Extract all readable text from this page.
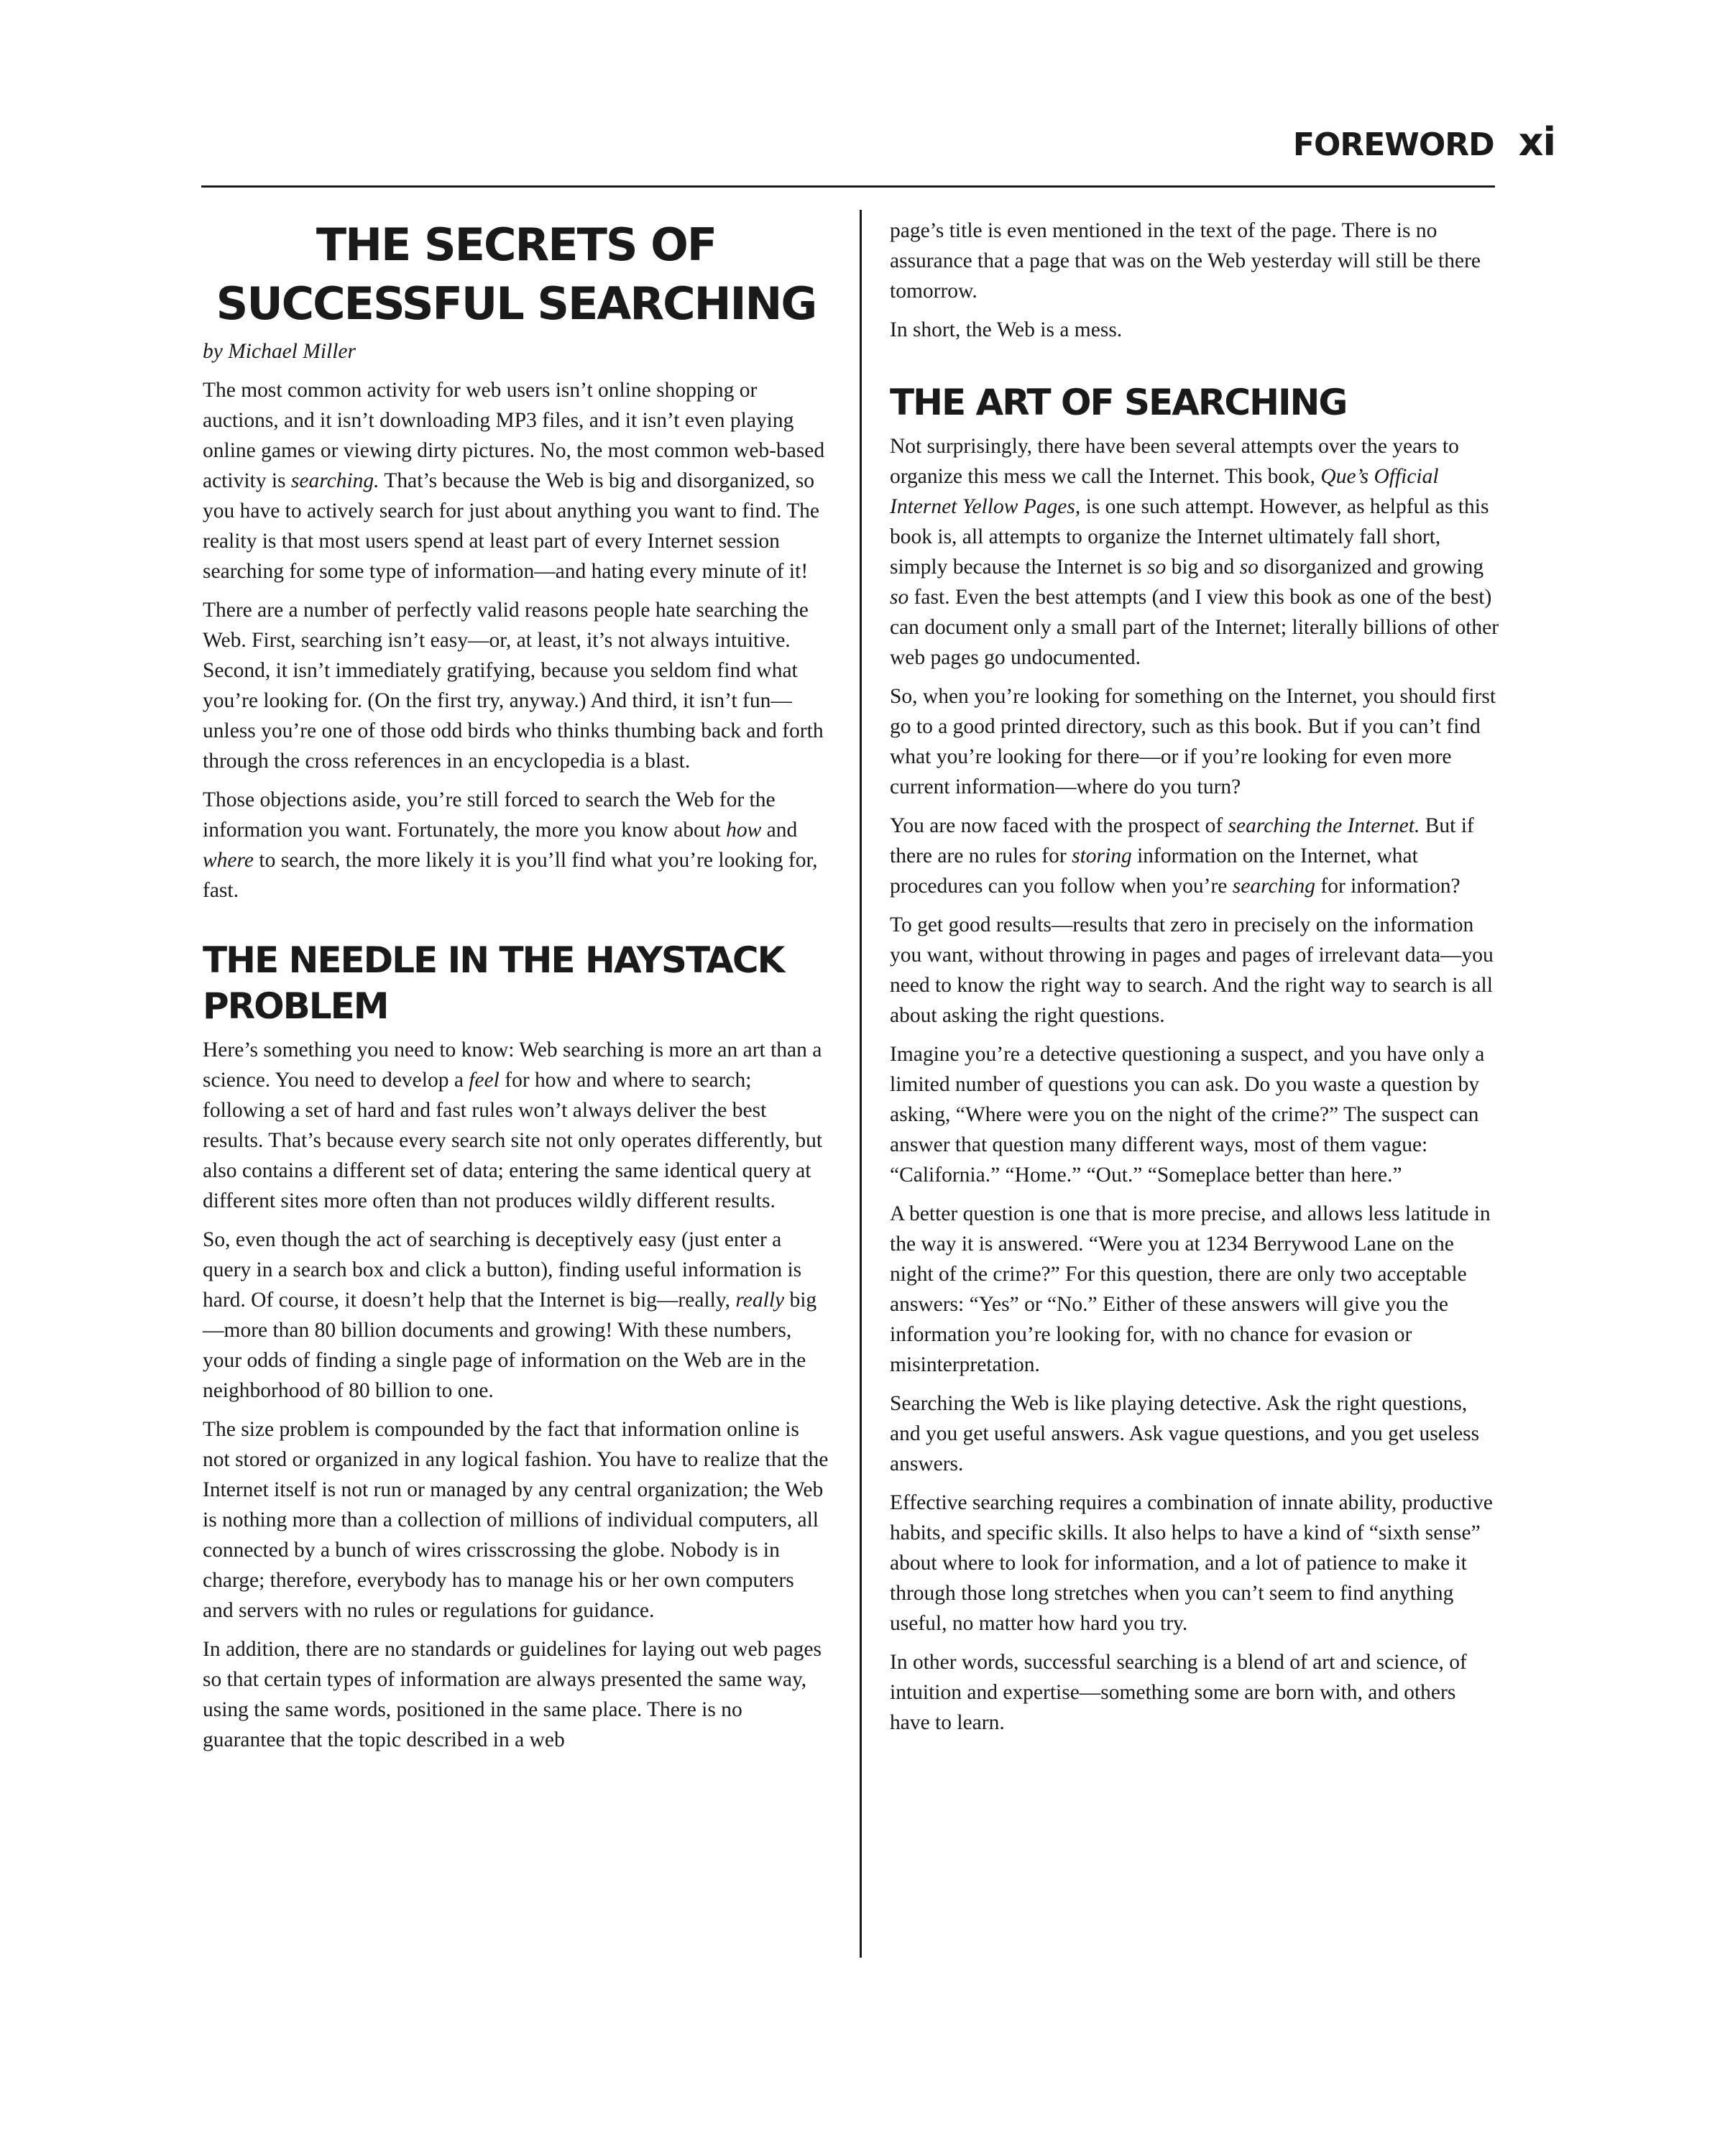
FOREWORD xi
THE SECRETS OF
SUCCESSFUL SEARCHING

by Michael Miller

The most common activity for web users isn’t online shopping or auctions, and it isn’t downloading MP3 files, and it isn’t even playing online games or viewing dirty pictures. No, the most common web-based activity is searching. That’s because the Web is big and disorganized, so you have to actively search for just about anything you want to find. The reality is that most users spend at least part of every Internet session searching for some type of information—and hating every minute of it!

There are a number of perfectly valid reasons people hate searching the Web. First, searching isn’t easy—or, at least, it’s not always intuitive. Second, it isn’t immediately gratifying, because you seldom find what you’re looking for. (On the first try, anyway.) And third, it isn’t fun—unless you’re one of those odd birds who thinks thumbing back and forth through the cross references in an encyclopedia is a blast.

Those objections aside, you’re still forced to search the Web for the information you want. Fortunately, the more you know about how and where to search, the more likely it is you’ll find what you’re looking for, fast.

THE NEEDLE IN THE HAYSTACK PROBLEM

Here’s something you need to know: Web searching is more an art than a science. You need to develop a feel for how and where to search; following a set of hard and fast rules won’t always deliver the best results. That’s because every search site not only operates differently, but also contains a different set of data; entering the same identical query at different sites more often than not produces wildly different results.

So, even though the act of searching is deceptively easy (just enter a query in a search box and click a button), finding useful information is hard. Of course, it doesn’t help that the Internet is big—really, really big—more than 80 billion documents and growing! With these numbers, your odds of finding a single page of information on the Web are in the neighborhood of 80 billion to one.

The size problem is compounded by the fact that information online is not stored or organized in any logical fashion. You have to realize that the Internet itself is not run or managed by any central organization; the Web is nothing more than a collection of millions of individual computers, all connected by a bunch of wires crisscrossing the globe. Nobody is in charge; therefore, everybody has to manage his or her own computers and servers with no rules or regulations for guidance.

In addition, there are no standards or guidelines for laying out web pages so that certain types of information are always presented the same way, using the same words, positioned in the same place. There is no guarantee that the topic described in a web

page’s title is even mentioned in the text of the page. There is no assurance that a page that was on the Web yesterday will still be there tomorrow.

In short, the Web is a mess.

THE ART OF SEARCHING

Not surprisingly, there have been several attempts over the years to organize this mess we call the Internet. This book, Que’s Official Internet Yellow Pages, is one such attempt. However, as helpful as this book is, all attempts to organize the Internet ultimately fall short, simply because the Internet is so big and so disorganized and growing so fast. Even the best attempts (and I view this book as one of the best) can document only a small part of the Internet; literally billions of other web pages go undocumented.

So, when you’re looking for something on the Internet, you should first go to a good printed directory, such as this book. But if you can’t find what you’re looking for there—or if you’re looking for even more current information—where do you turn?

You are now faced with the prospect of searching the Internet. But if there are no rules for storing information on the Internet, what procedures can you follow when you’re searching for information?

To get good results—results that zero in precisely on the information you want, without throwing in pages and pages of irrelevant data—you need to know the right way to search. And the right way to search is all about asking the right questions.

Imagine you’re a detective questioning a suspect, and you have only a limited number of questions you can ask. Do you waste a question by asking, “Where were you on the night of the crime?” The suspect can answer that question many different ways, most of them vague: “California.” “Home.” “Out.” “Someplace better than here.”

A better question is one that is more precise, and allows less latitude in the way it is answered. “Were you at 1234 Berrywood Lane on the night of the crime?” For this question, there are only two acceptable answers: “Yes” or “No.” Either of these answers will give you the information you’re looking for, with no chance for evasion or misinterpretation.

Searching the Web is like playing detective. Ask the right questions, and you get useful answers. Ask vague questions, and you get useless answers.

Effective searching requires a combination of innate ability, productive habits, and specific skills. It also helps to have a kind of “sixth sense” about where to look for information, and a lot of patience to make it through those long stretches when you can’t seem to find anything useful, no matter how hard you try.

In other words, successful searching is a blend of art and science, of intuition and expertise—something some are born with, and others have to learn.
